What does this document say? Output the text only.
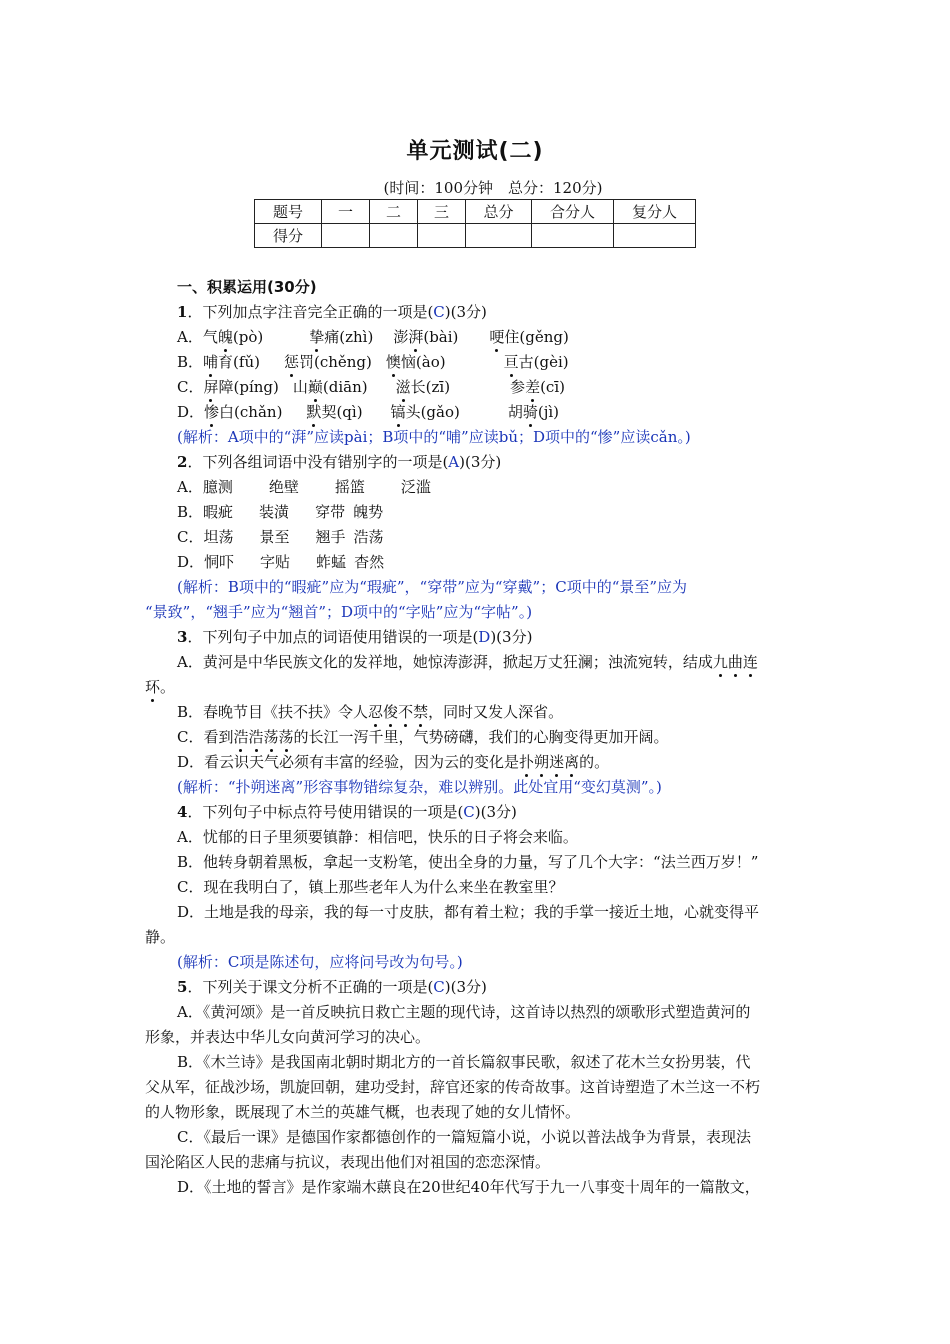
单元测试(二)
(时间：100分钟　总分：120分)
题号	一	二	三	总分	合分人	复分人
得分						
一、积累运用(30分)
1．下列加点字注音完全正确的一项是(C)(3分)
A．气魄(pò)	挚痛(zhì) 澎湃(bài) 哽住(gěng)
B．哺育(fǔ) 惩罚(chěng) 懊恼(ào)	亘古(gèi)
C．屏障(píng) 山巅(diān) 滋长(zī)	参差(cī)
D．惨白(chǎn) 默契(qì) 镐头(gǎo)	胡骑(jì)
(解析：A项中的“湃”应读pài；B项中的“哺”应读bǔ；D项中的“惨”应读cǎn。)
2．下列各组词语中没有错别字的一项是(A)(3分)
A．臆测 绝壁 摇篮 泛滥
B．暇疵 装潢 穿带 魄势
C．坦荡 景至 翘手 浩荡
D．恫吓 字贴 蚱蜢 杳然
(解析：B项中的“暇疵”应为“瑕疵”，“穿带”应为“穿戴”；C项中的“景至”应为
“景致”，“翘手”应为“翘首”；D项中的“字贴”应为“字帖”。)
3．下列句子中加点的词语使用错误的一项是(D)(3分)
A．黄河是中华民族文化的发祥地，她惊涛澎湃，掀起万丈狂澜；浊流宛转，结成九曲连
环。
B．春晚节目《扶不扶》令人忍俊不禁，同时又发人深省。
C．看到浩浩荡荡的长江一泻千里，气势磅礴，我们的心胸变得更加开阔。
D．看云识天气必须有丰富的经验，因为云的变化是扑朔迷离的。
(解析：“扑朔迷离”形容事物错综复杂，难以辨别。此处宜用“变幻莫测”。)
4．下列句子中标点符号使用错误的一项是(C)(3分)
A．忧郁的日子里须要镇静：相信吧，快乐的日子将会来临。
B．他转身朝着黑板，拿起一支粉笔，使出全身的力量，写了几个大字：“法兰西万岁！”
C．现在我明白了，镇上那些老年人为什么来坐在教室里？
D．土地是我的母亲，我的每一寸皮肤，都有着土粒；我的手掌一接近土地，心就变得平
静。
(解析：C项是陈述句，应将问号改为句号。)
5．下列关于课文分析不正确的一项是(C)(3分)
A．《黄河颂》是一首反映抗日救亡主题的现代诗，这首诗以热烈的颂歌形式塑造黄河的
形象，并表达中华儿女向黄河学习的决心。
B．《木兰诗》是我国南北朝时期北方的一首长篇叙事民歌，叙述了花木兰女扮男装，代
父从军，征战沙场，凯旋回朝，建功受封，辞官还家的传奇故事。这首诗塑造了木兰这一不朽
的人物形象，既展现了木兰的英雄气概，也表现了她的女儿情怀。
C．《最后一课》是德国作家都德创作的一篇短篇小说，小说以普法战争为背景，表现法
国沦陷区人民的悲痛与抗议，表现出他们对祖国的恋恋深情。
D．《土地的誓言》是作家端木蕻良在20世纪40年代写于九一八事变十周年的一篇散文，
